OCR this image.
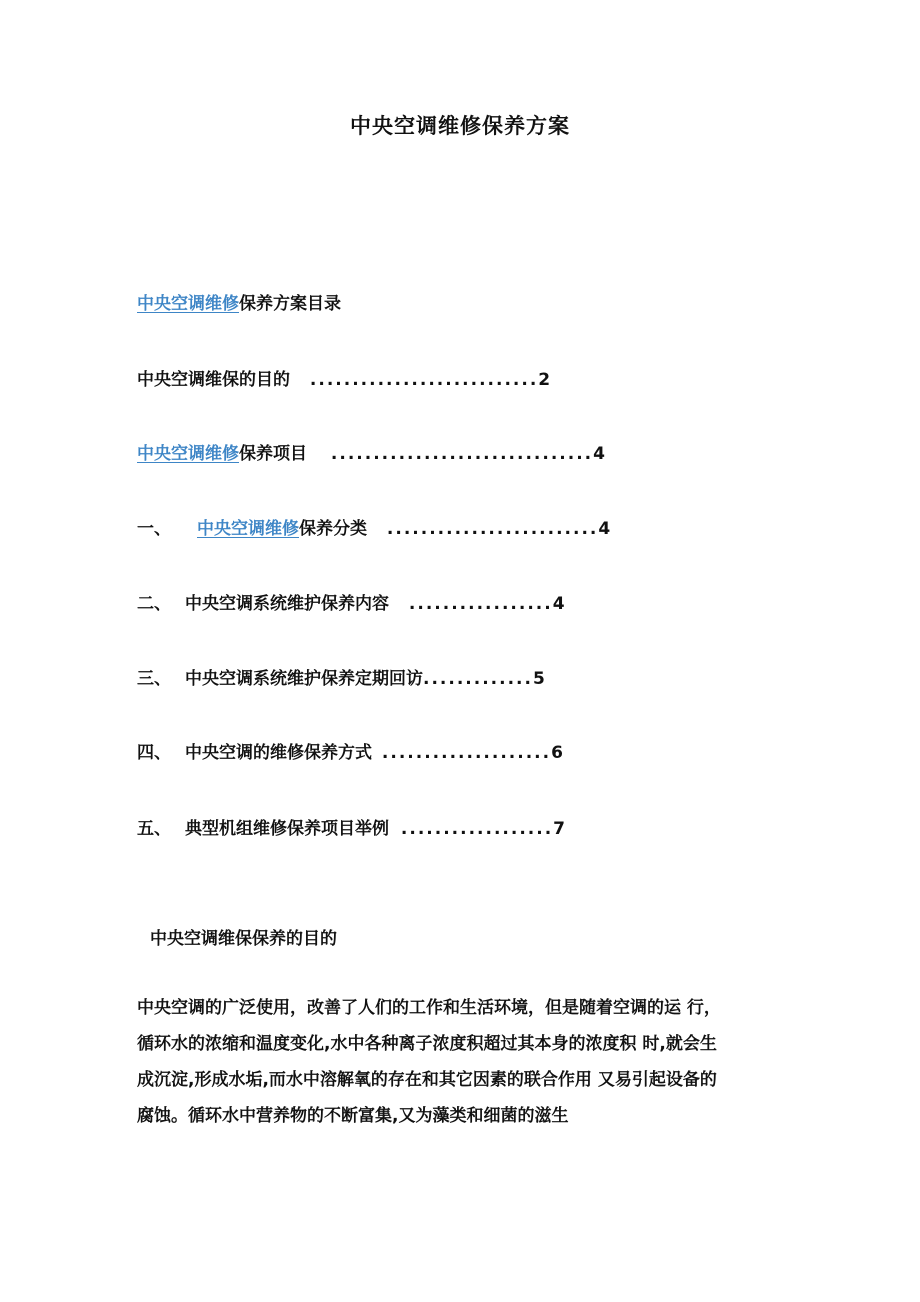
中央空调维修保养方案
中央空调维修保养方案目录
中央空调维保的目的 ...........................2
中央空调维修保养项目 ...............................4
一、 中央空调维修保养分类 .........................4
二、 中央空调系统维护保养内容 .................4
三、 中央空调系统维护保养定期回访.............5
四、 中央空调的维修保养方式 ....................6
五、 典型机组维修保养项目举例 ..................7
中央空调维保保养的目的
中央空调的广泛使用，改善了人们的工作和生活环境，但是随着空调的运 行，
循环水的浓缩和温度变化,水中各种离子浓度积超过其本身的浓度积 时,就会生
成沉淀,形成水垢,而水中溶解氧的存在和其它因素的联合作用 又易引起设备的
腐蚀。循环水中营养物的不断富集,又为藻类和细菌的滋生
